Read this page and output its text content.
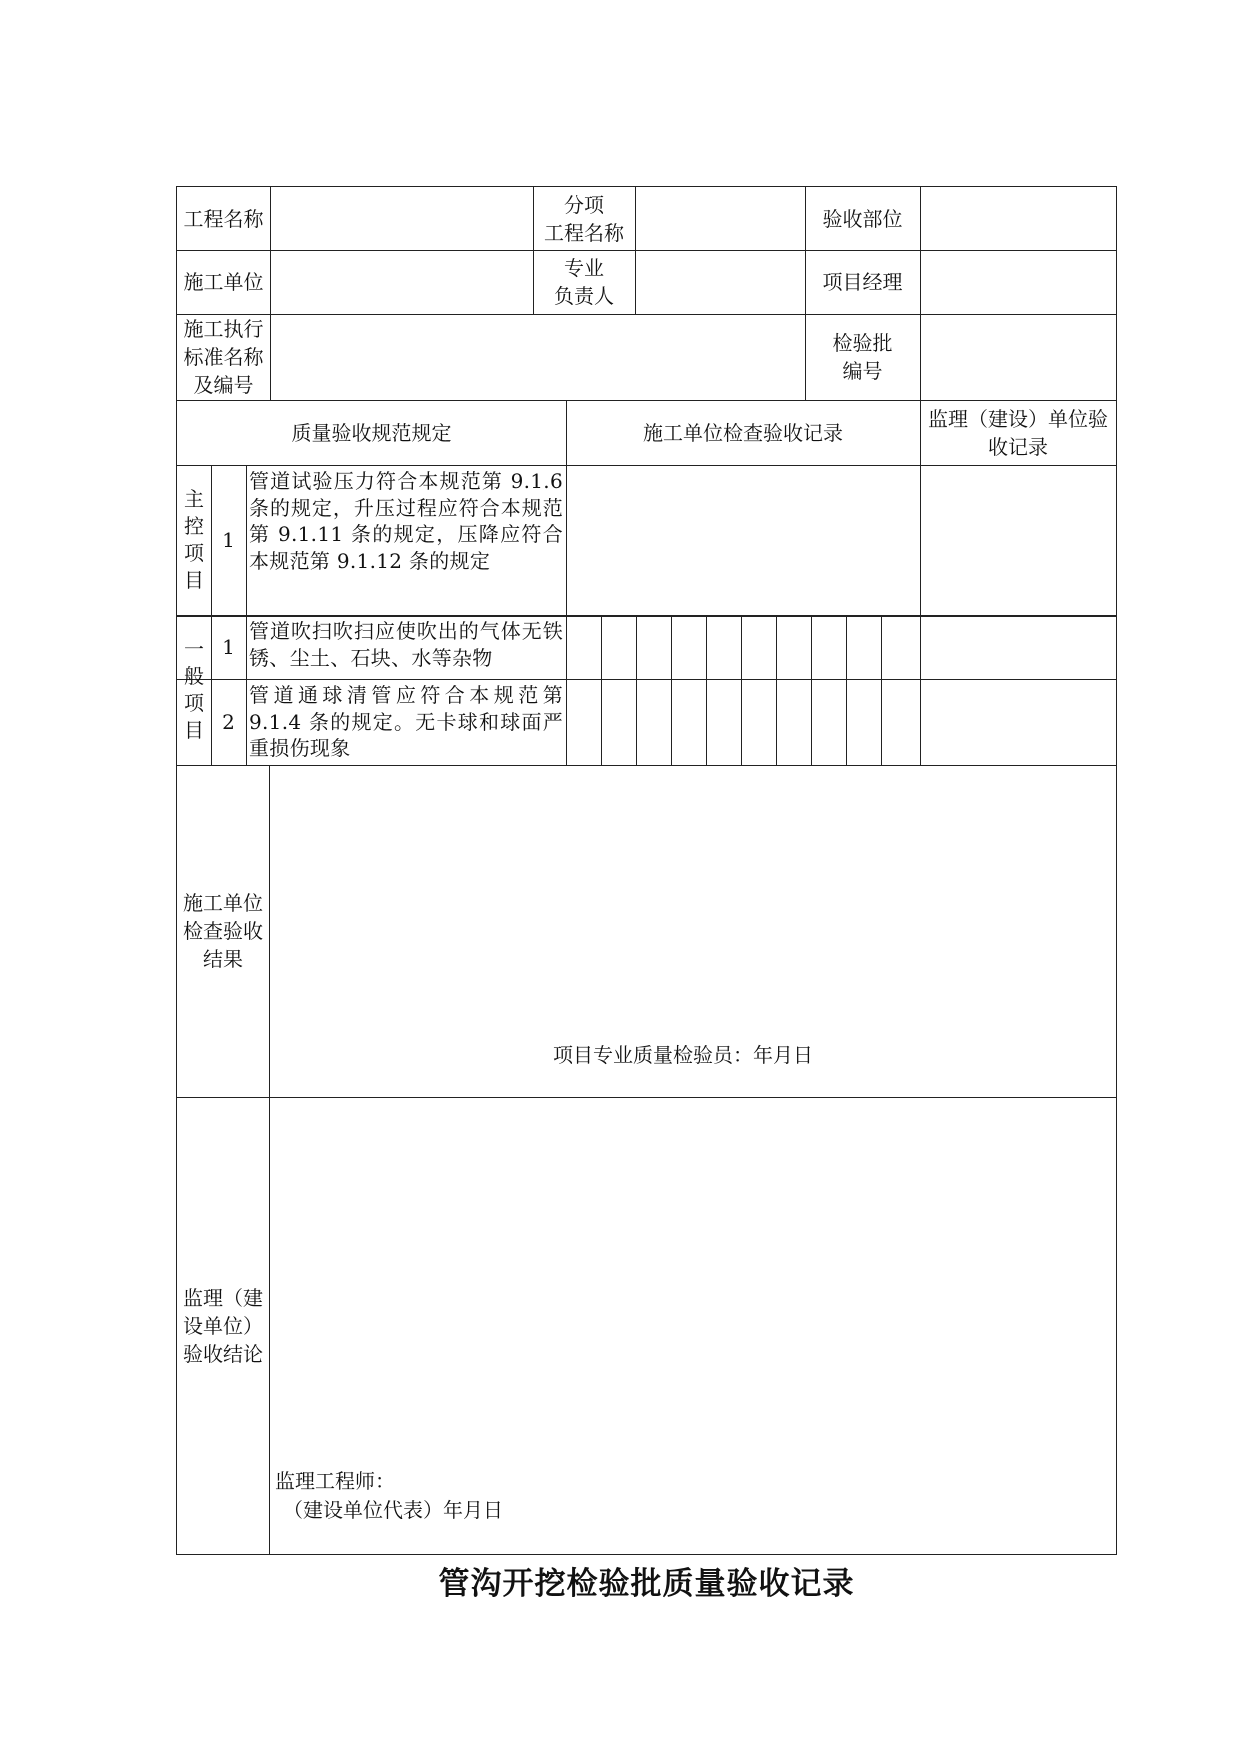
工程名称
分项
工程名称
验收部位
施工单位
专业
负责人
项目经理
施工执行
标准名称
及编号
检验批
编号
质量验收规范规定	施工单位检查验收记录
监理（建设）单位验
收记录
主
控
项
目
1
管道试验压力符合本规范第 9.1.6 条的规定，升压过程应符合本规范第 9.1.11 条的规定，压降应符合本规范第 9.1.12 条的规定
一
般
项
目
1
管道吹扫吹扫应使吹出的气体无铁锈、尘土、石块、水等杂物
2
管道通球清管应符合本规范第9.1.4 条的规定。无卡球和球面严重损伤现象
施工单位
检查验收
结果
项目专业质量检验员：年月日
监理（建
设单位）
验收结论
监理工程师：
（建设单位代表）年月日
管沟开挖检验批质量验收记录
